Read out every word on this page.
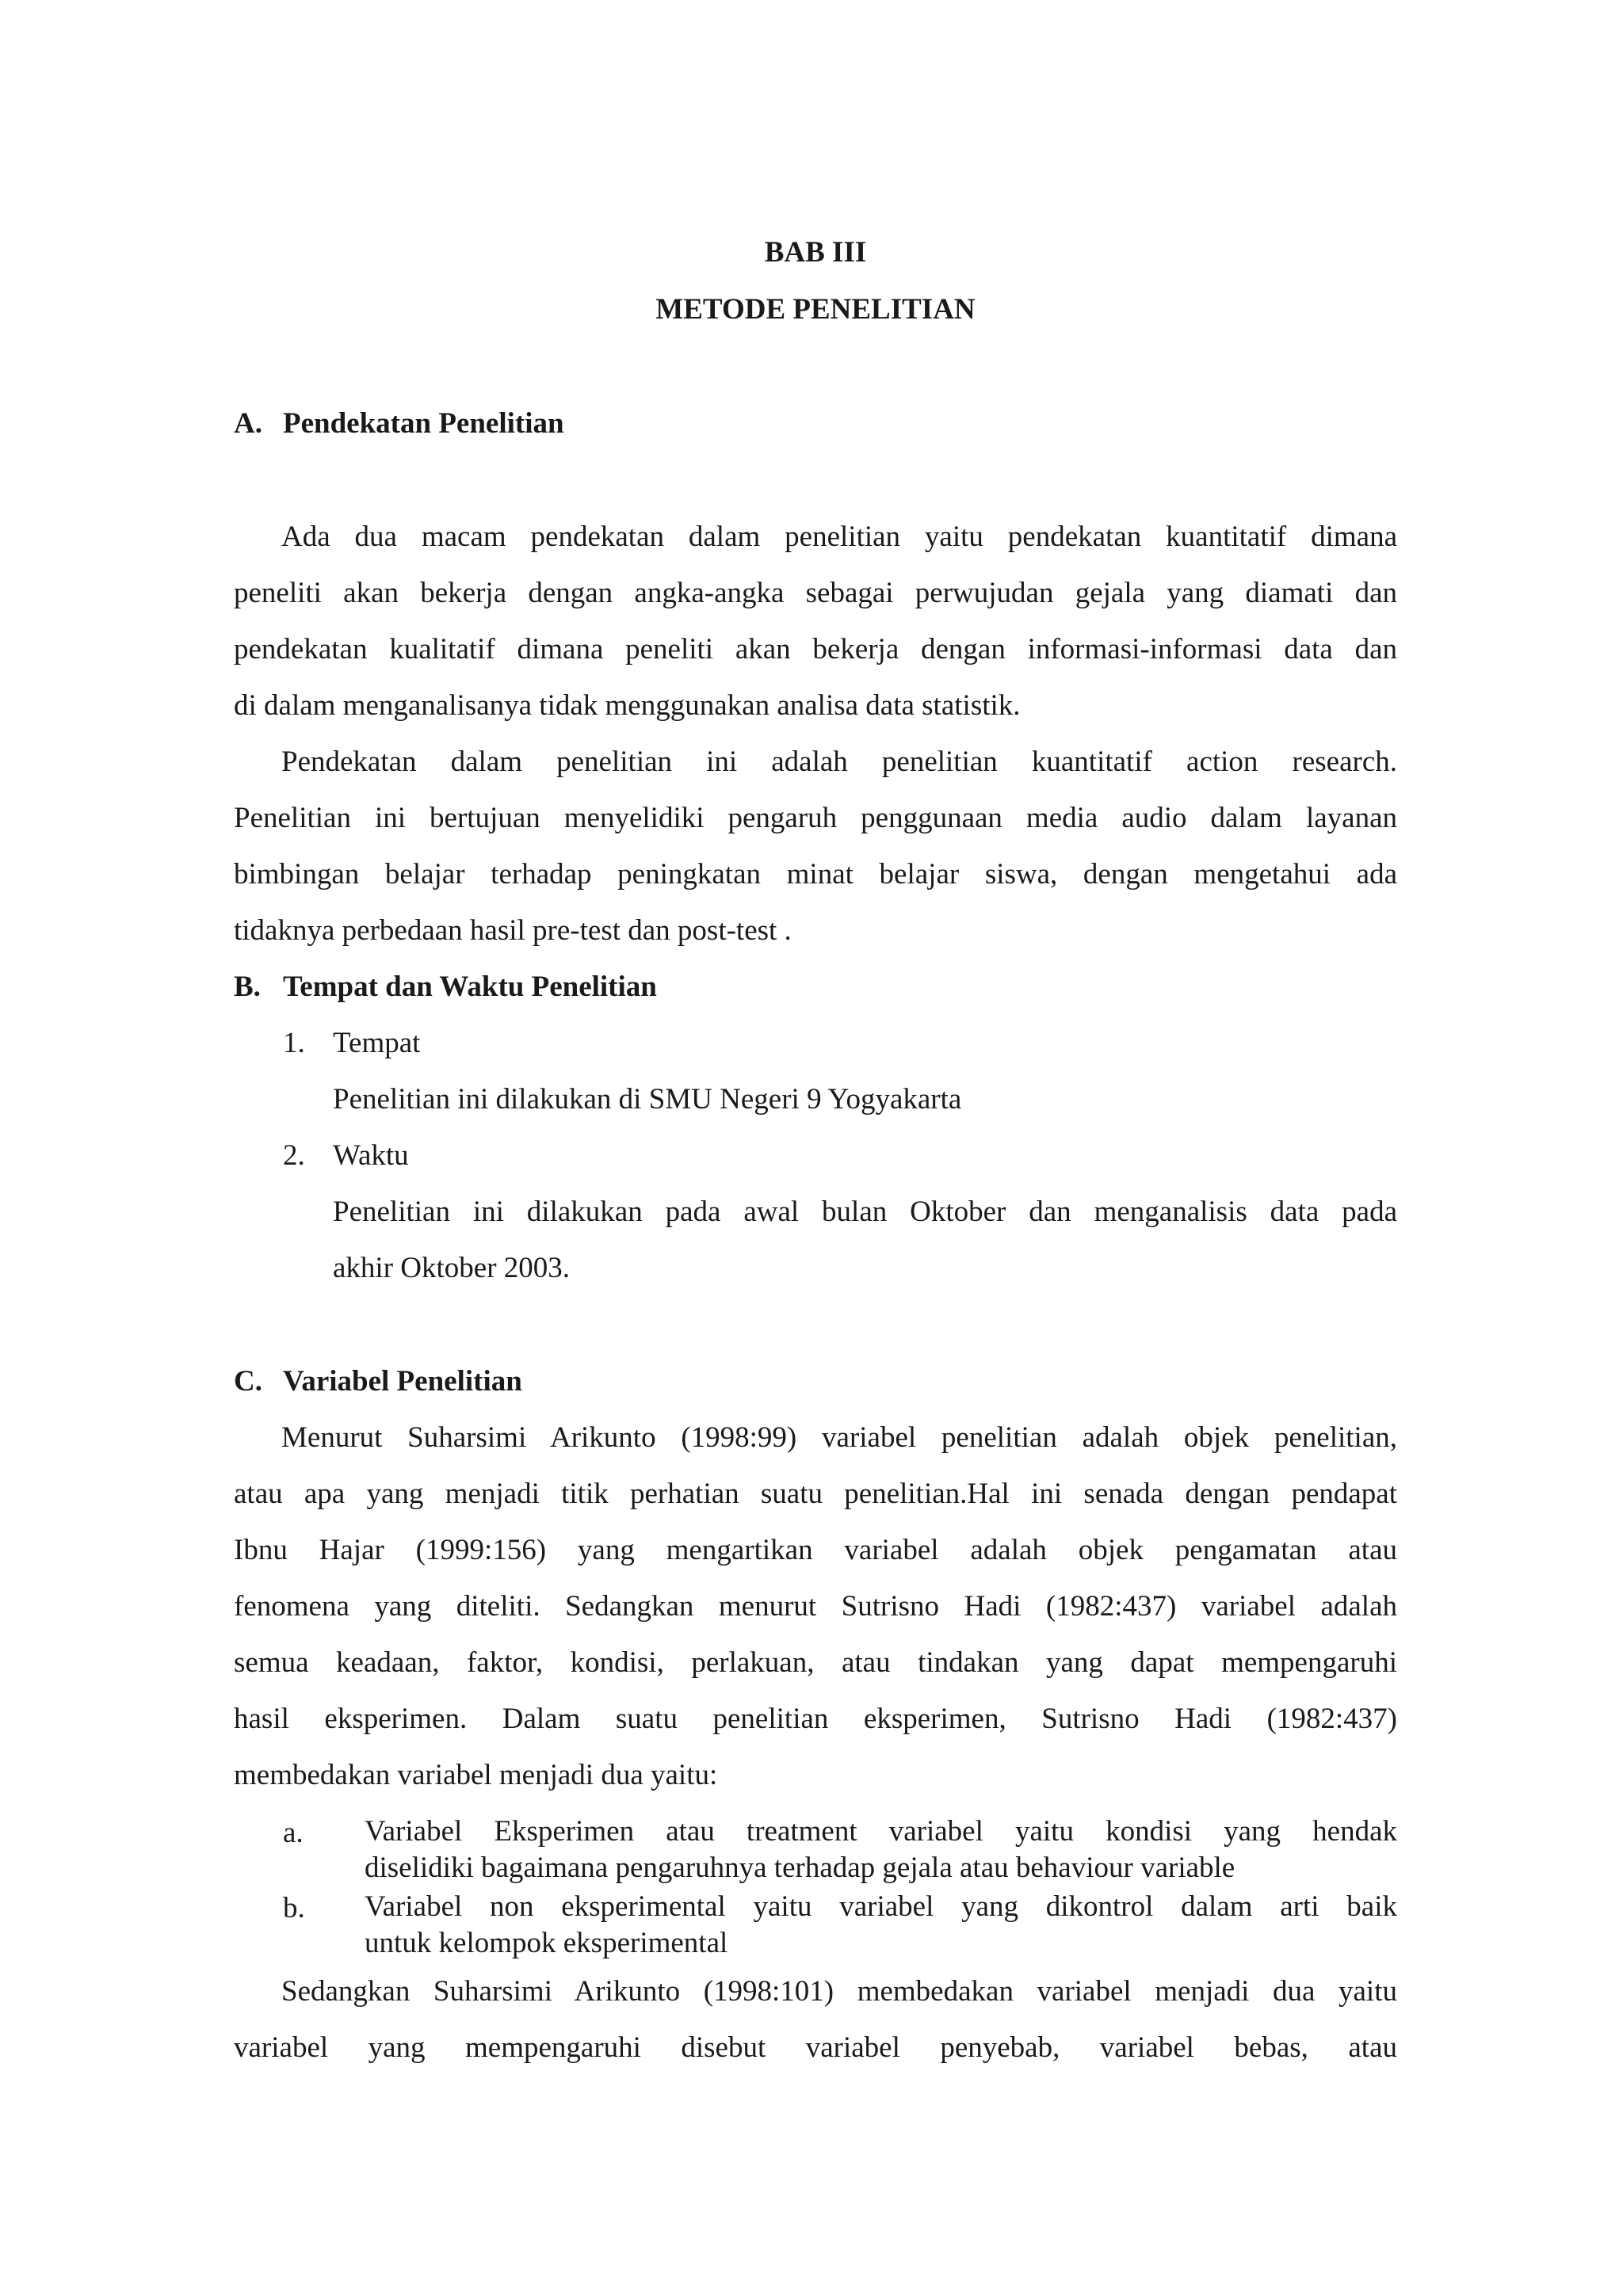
BAB III
METODE PENELITIAN
A. Pendekatan Penelitian
Ada dua macam pendekatan dalam penelitian yaitu pendekatan kuantitatif dimana
peneliti akan bekerja dengan angka-angka sebagai perwujudan gejala yang diamati dan
pendekatan kualitatif dimana peneliti akan bekerja dengan informasi-informasi data dan
di dalam menganalisanya tidak menggunakan analisa data statistik.
Pendekatan dalam penelitian ini adalah penelitian kuantitatif action research.
Penelitian ini bertujuan menyelidiki pengaruh penggunaan media audio dalam layanan
bimbingan belajar terhadap peningkatan minat belajar siswa, dengan mengetahui ada
tidaknya perbedaan hasil pre-test dan post-test .
B. Tempat dan Waktu Penelitian
1. Tempat
Penelitian ini dilakukan di SMU Negeri 9 Yogyakarta
2. Waktu
Penelitian ini dilakukan pada awal bulan Oktober dan menganalisis data pada
akhir Oktober 2003.
C. Variabel Penelitian
Menurut Suharsimi Arikunto (1998:99) variabel penelitian adalah objek penelitian,
atau apa yang menjadi titik perhatian suatu penelitian.Hal ini senada dengan pendapat
Ibnu Hajar (1999:156) yang mengartikan variabel adalah objek pengamatan atau
fenomena yang diteliti. Sedangkan menurut Sutrisno Hadi (1982:437) variabel adalah
semua keadaan, faktor, kondisi, perlakuan, atau tindakan yang dapat mempengaruhi
hasil eksperimen. Dalam suatu penelitian eksperimen, Sutrisno Hadi (1982:437)
membedakan variabel menjadi dua yaitu:
a. Variabel Eksperimen atau treatment variabel yaitu kondisi yang hendak
diselidiki bagaimana pengaruhnya terhadap gejala atau behaviour variable
b. Variabel non eksperimental yaitu variabel yang dikontrol dalam arti baik
untuk kelompok eksperimental
Sedangkan Suharsimi Arikunto (1998:101) membedakan variabel menjadi dua yaitu
variabel yang mempengaruhi disebut variabel penyebab, variabel bebas, atau
